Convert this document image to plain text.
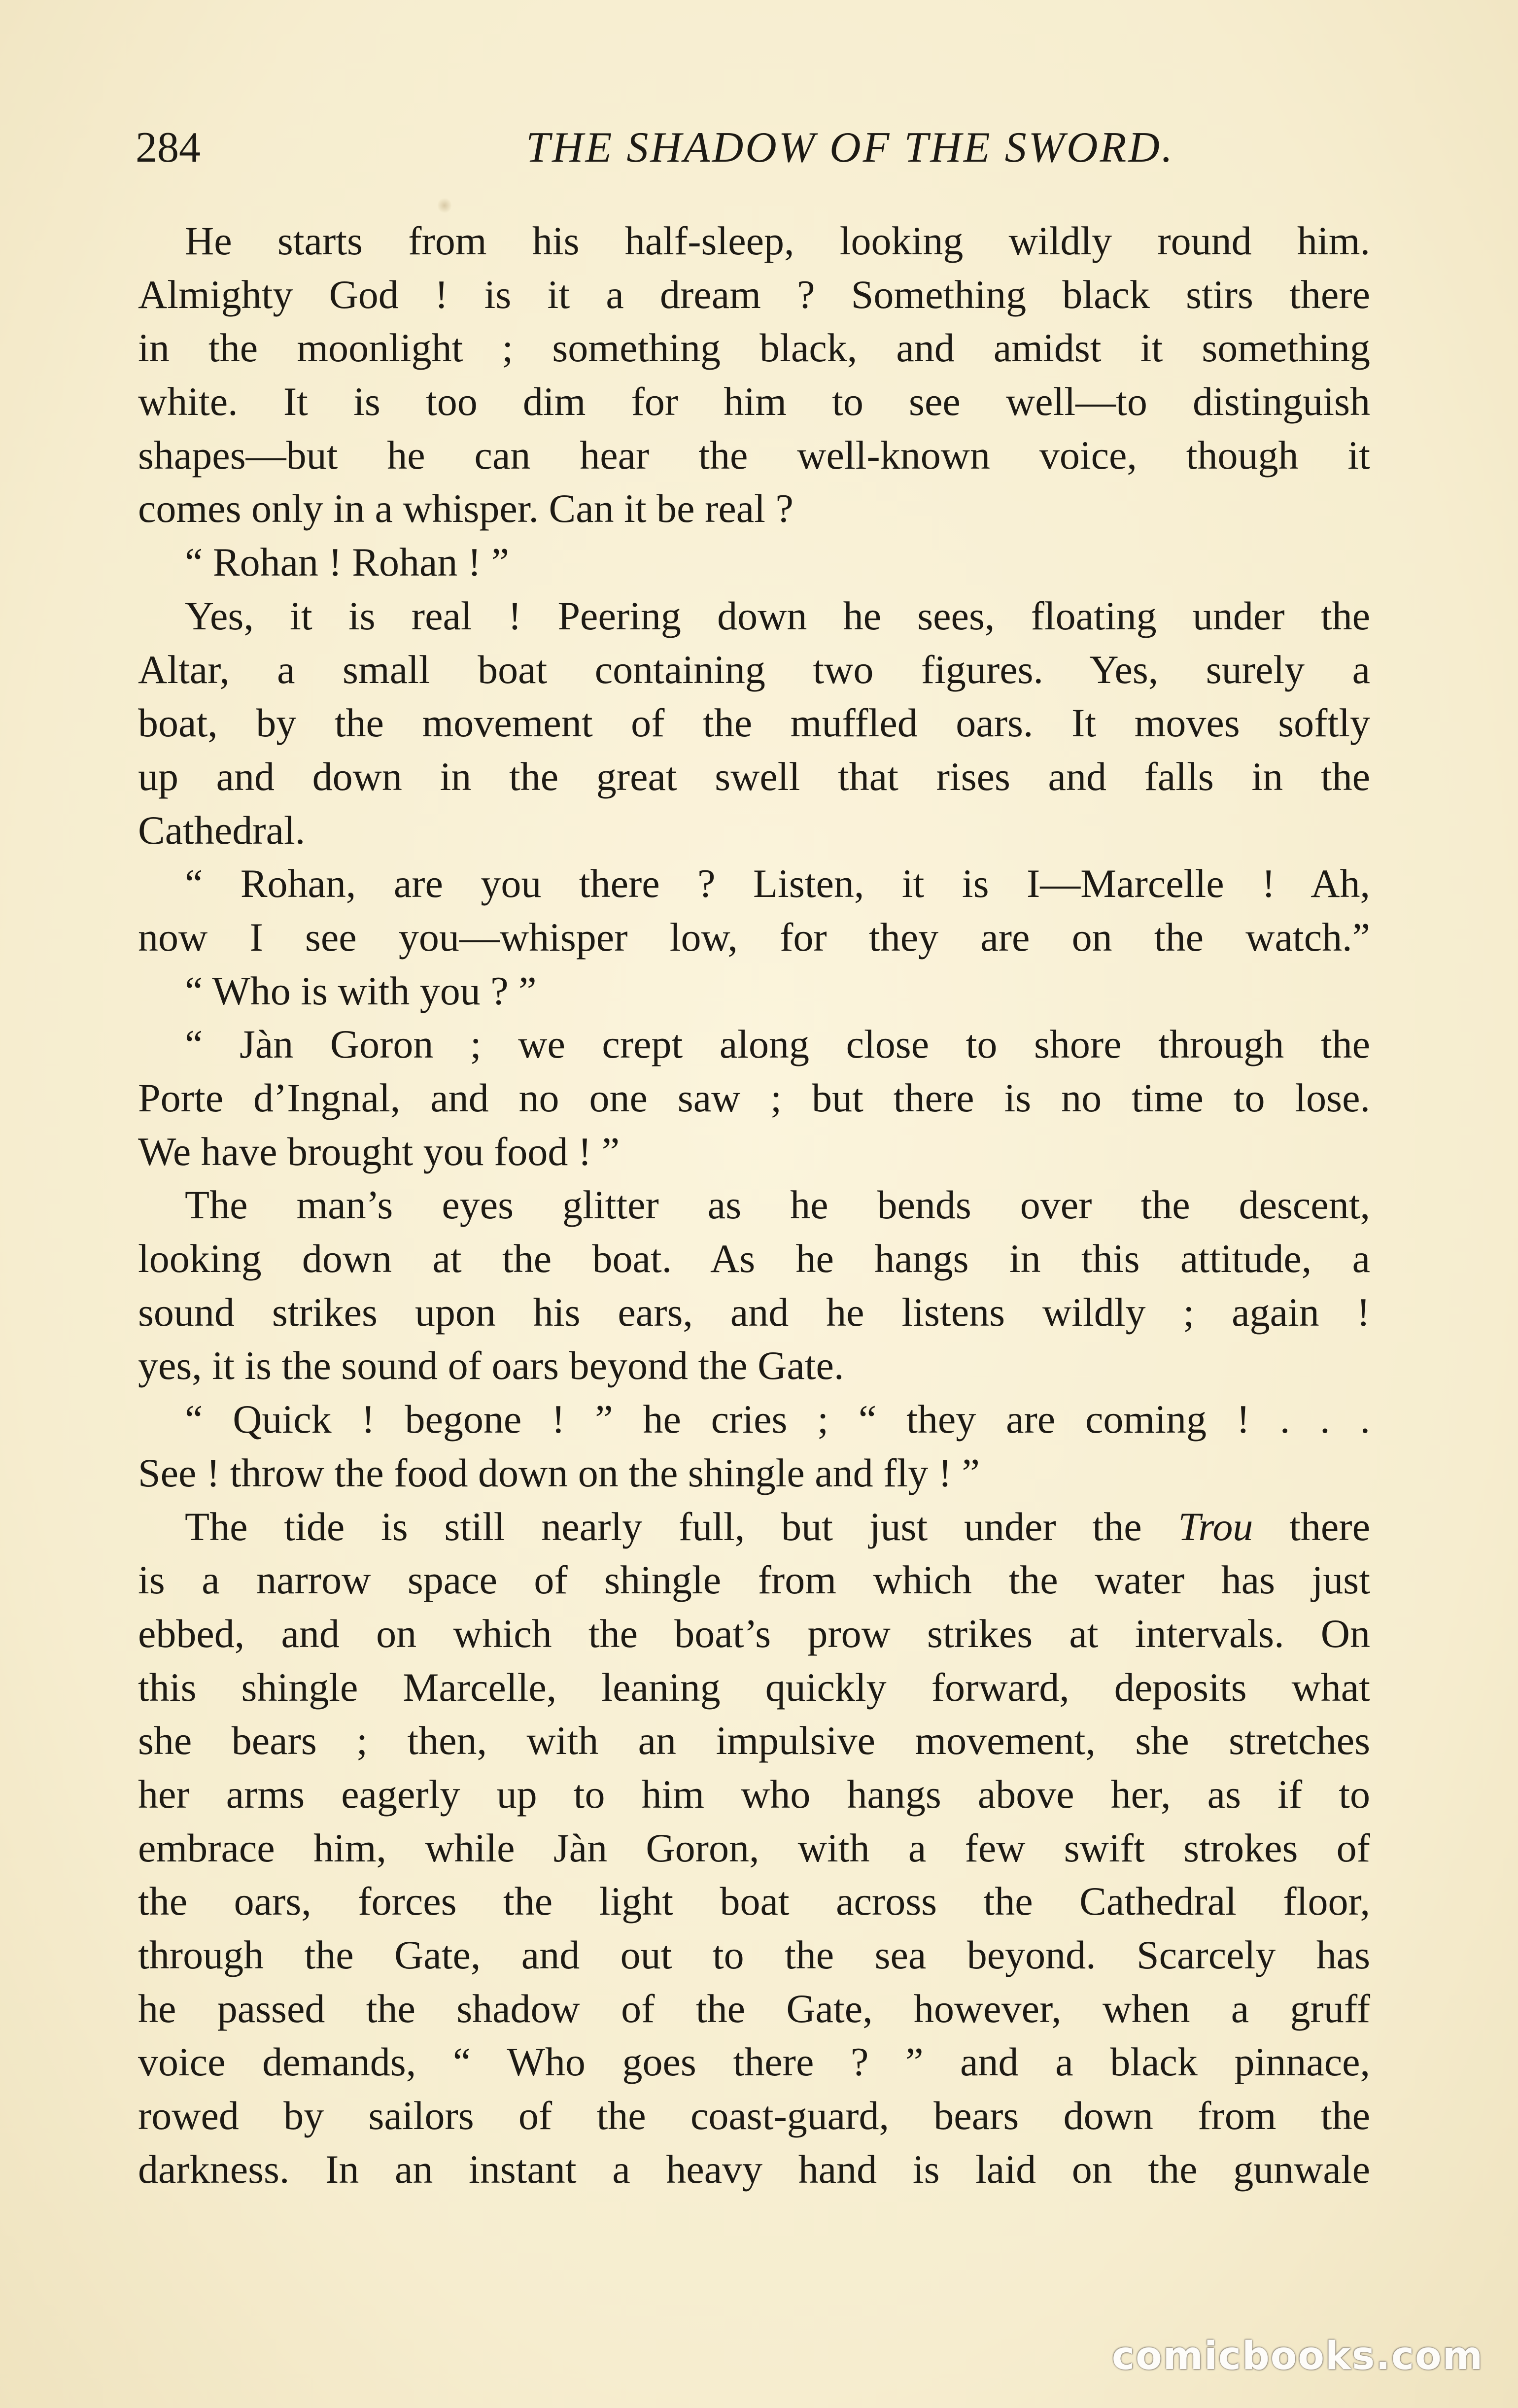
284	THE SHADOW OF THE SWORD.
He starts from his half-sleep, looking wildly round him.
Almighty God ! is it a dream ? Something black stirs there
in the moonlight ; something black, and amidst it something
white. It is too dim for him to see well—to distinguish
shapes—but he can hear the well-known voice, though it
comes only in a whisper. Can it be real ?
“ Rohan ! Rohan ! ”
Yes, it is real ! Peering down he sees, floating under the
Altar, a small boat containing two figures. Yes, surely a
boat, by the movement of the muffled oars. It moves softly
up and down in the great swell that rises and falls in the
Cathedral.
“ Rohan, are you there ? Listen, it is I—Marcelle ! Ah,
now I see you—whisper low, for they are on the watch.”
“ Who is with you ? ”
“ Jàn Goron ; we crept along close to shore through the
Porte d’Ingnal, and no one saw ; but there is no time to lose.
We have brought you food ! ”
The man’s eyes glitter as he bends over the descent,
looking down at the boat. As he hangs in this attitude, a
sound strikes upon his ears, and he listens wildly ; again !
yes, it is the sound of oars beyond the Gate.
“ Quick ! begone ! ” he cries ; “ they are coming ! . . .
See ! throw the food down on the shingle and fly ! ”
The tide is still nearly full, but just under the Trou there
is a narrow space of shingle from which the water has just
ebbed, and on which the boat’s prow strikes at intervals. On
this shingle Marcelle, leaning quickly forward, deposits what
she bears ; then, with an impulsive movement, she stretches
her arms eagerly up to him who hangs above her, as if to
embrace him, while Jàn Goron, with a few swift strokes of
the oars, forces the light boat across the Cathedral floor,
through the Gate, and out to the sea beyond. Scarcely has
he passed the shadow of the Gate, however, when a gruff
voice demands, “ Who goes there ? ” and a black pinnace,
rowed by sailors of the coast-guard, bears down from the
darkness. In an instant a heavy hand is laid on the gunwale
comicbooks.com
